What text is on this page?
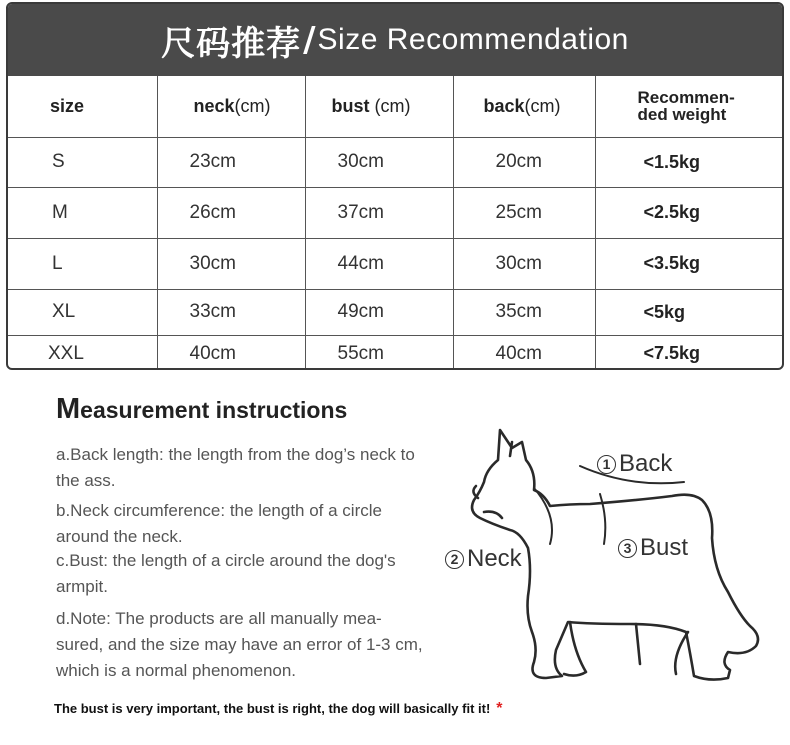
尺码推荐 / Size Recommendation
size	neck(cm)	bust (cm)	back(cm)	Recommen-
ded weight
S	23cm	30cm	20cm	<1.5kg
M	26cm	37cm	25cm	<2.5kg
L	30cm	44cm	30cm	<3.5kg
XL	33cm	49cm	35cm	<5kg
XXL	40cm	55cm	40cm	<7.5kg
Measurement instructions

a.Back length: the length from the dog’s neck to the ass.

b.Neck circumference: the length of a circle around the neck.

c.Bust: the length of a circle around the dog's armpit.

d.Note: The products are all manually mea-sured, and the size may have an error of 1-3 cm, which is a normal phenomenon.

1 Back
2 Neck	3 Bust
The bust is very important, the bust is right, the dog will basically fit it! *
